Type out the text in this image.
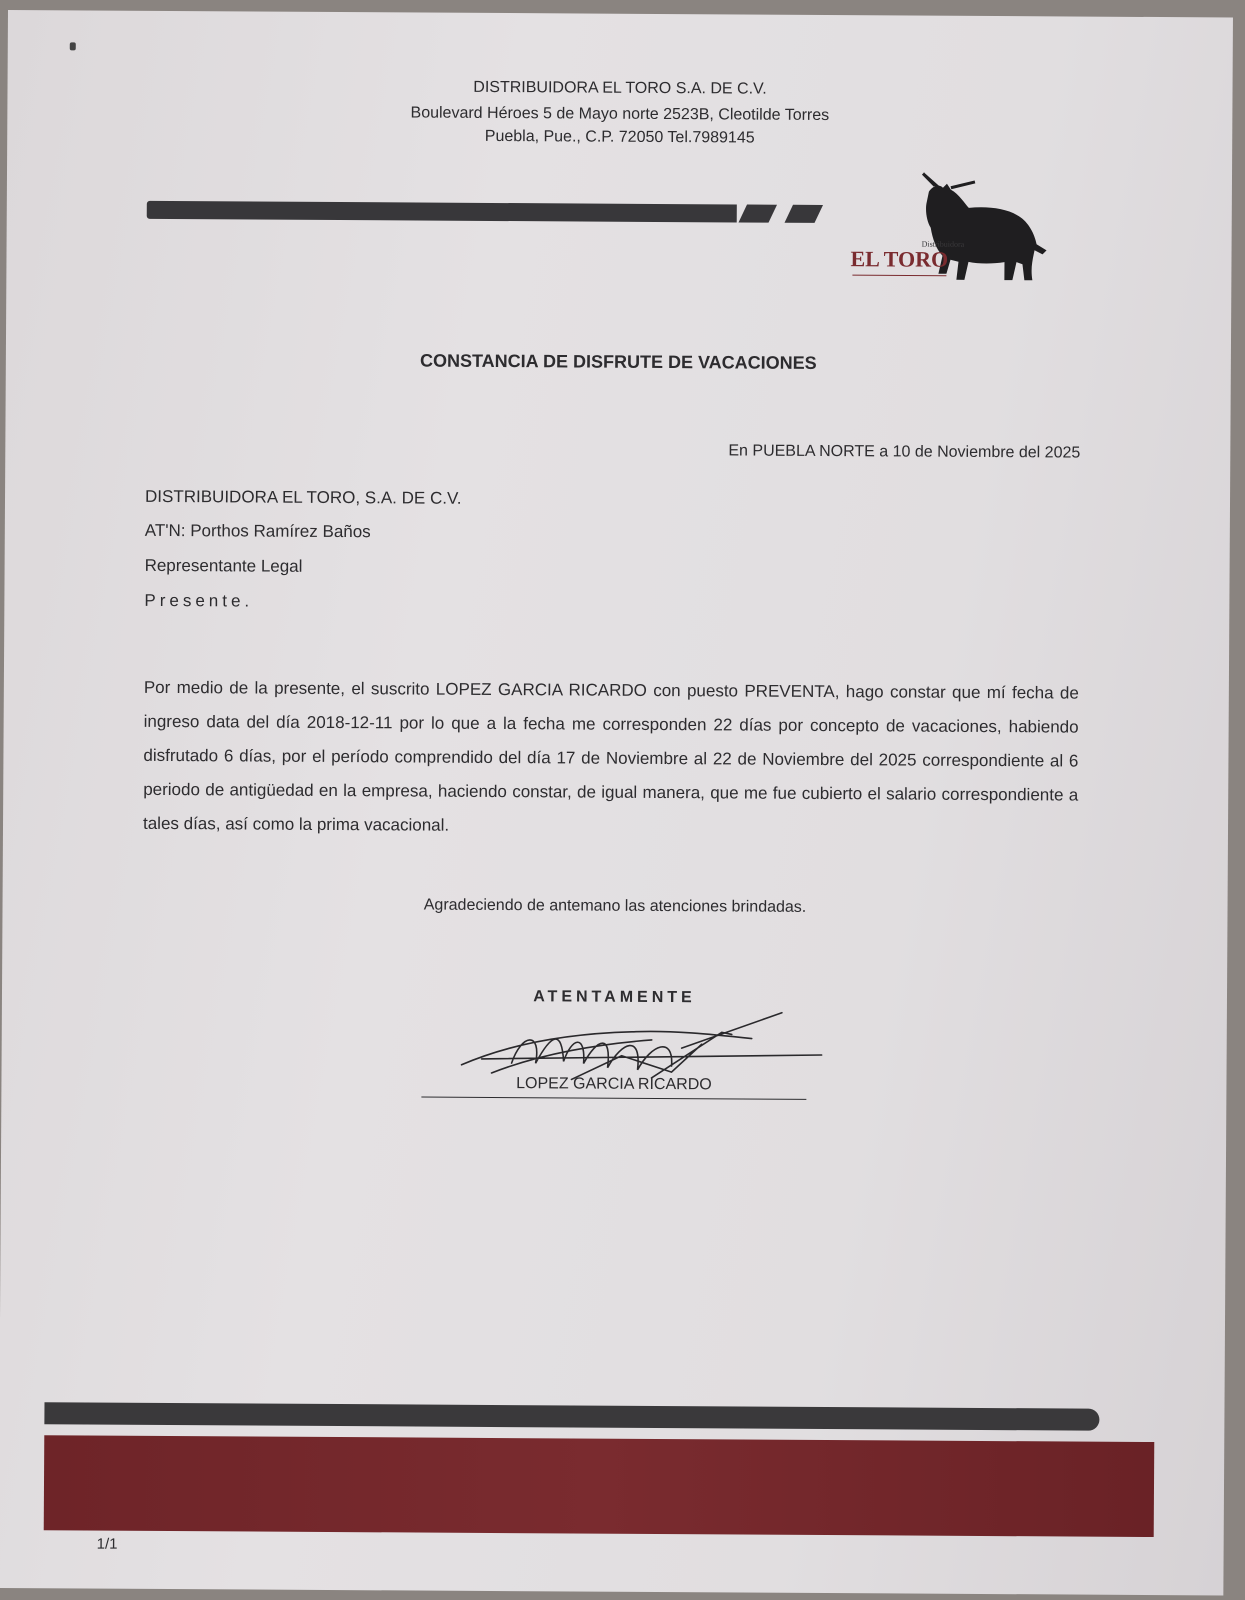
DISTRIBUIDORA EL TORO S.A. DE C.V.
Boulevard Héroes 5 de Mayo norte 2523B, Cleotilde Torres
Puebla, Pue., C.P. 72050 Tel.7989145
Distribuidora
EL TORO
CONSTANCIA DE DISFRUTE DE VACACIONES
En PUEBLA NORTE a 10 de Noviembre del 2025
DISTRIBUIDORA EL TORO, S.A. DE C.V.
AT'N: Porthos Ramírez Baños
Representante Legal
Presente.
Por medio de la presente, el suscrito LOPEZ GARCIA RICARDO con puesto PREVENTA, hago constar que mí fecha de ingreso data del día 2018-12-11 por lo que a la fecha me corresponden 22 días por concepto de vacaciones, habiendo disfrutado 6 días, por el período comprendido del día 17 de Noviembre al 22 de Noviembre del 2025 correspondiente al 6 periodo de antigüedad en la empresa, haciendo constar, de igual manera, que me fue cubierto el salario correspondiente a tales días, así como la prima vacacional.
Agradeciendo de antemano las atenciones brindadas.
ATENTAMENTE
LOPEZ GARCIA RICARDO
1/1
